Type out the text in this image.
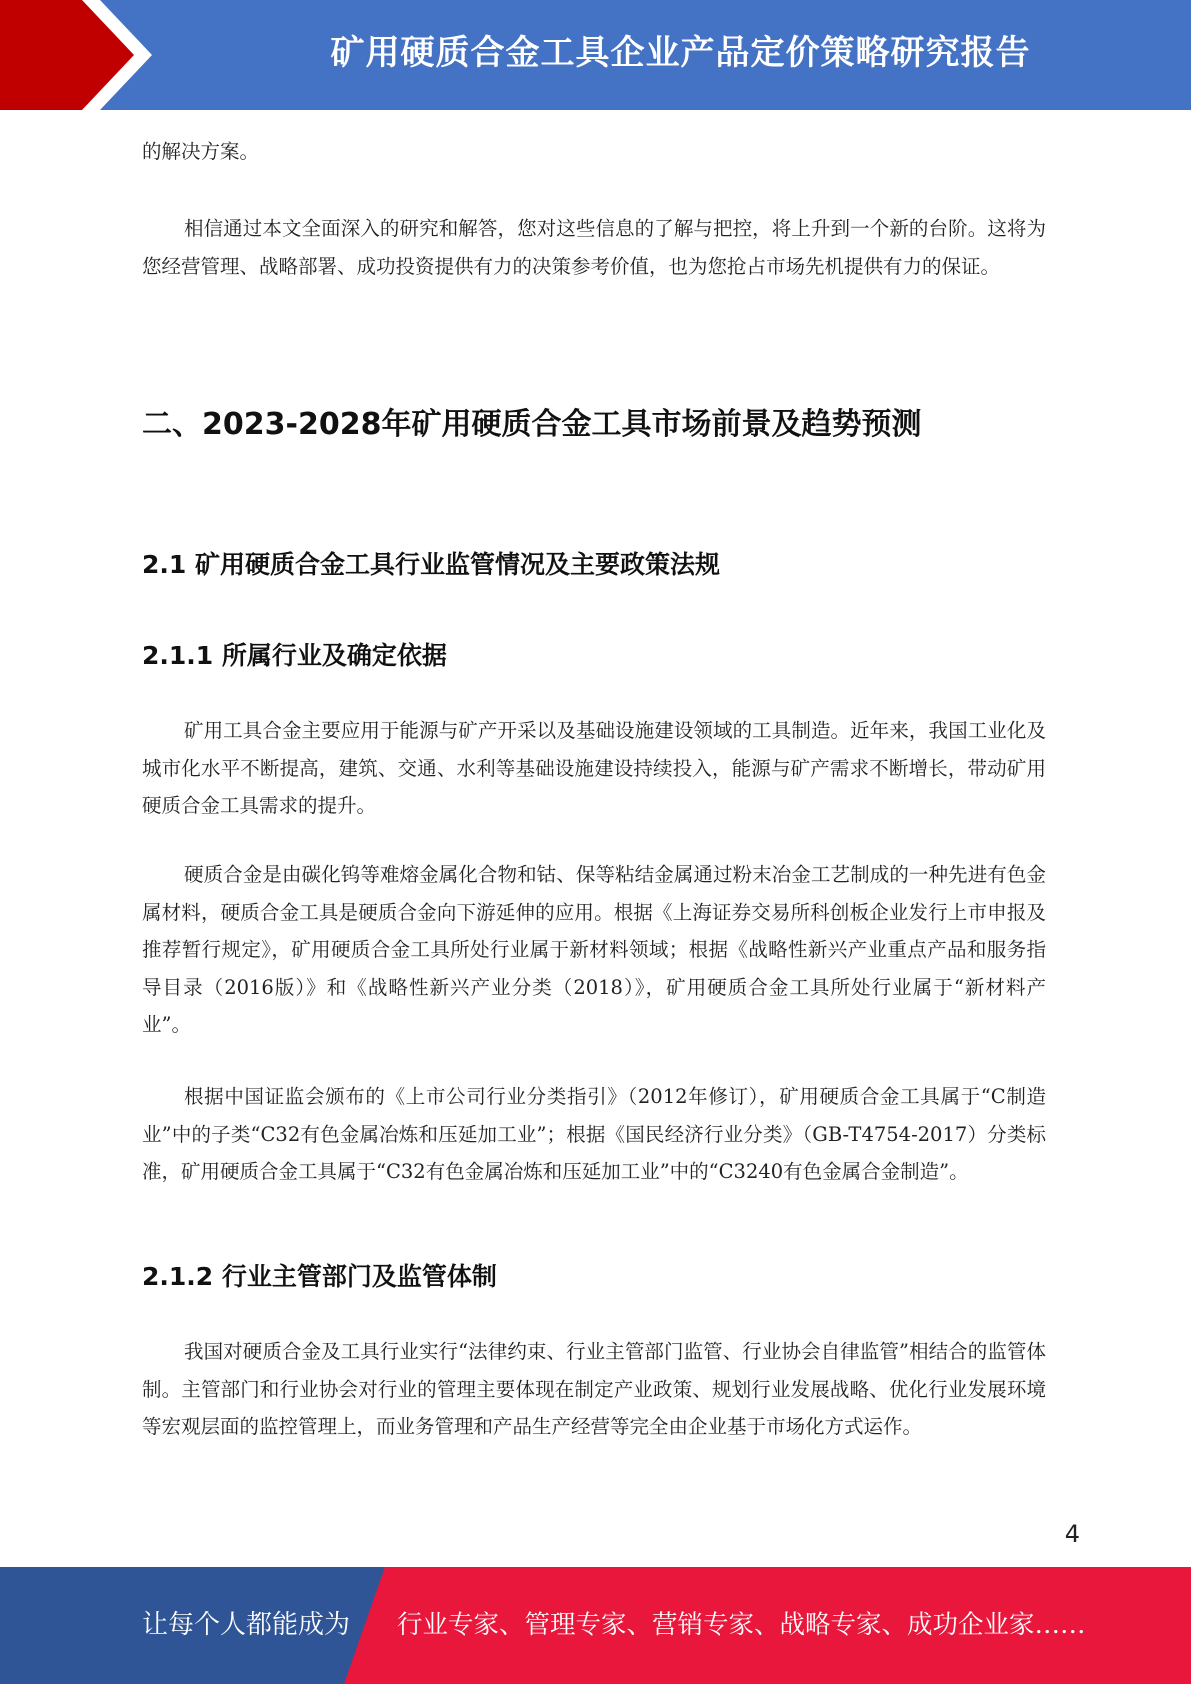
矿用硬质合金工具企业产品定价策略研究报告

的解决方案。

相信通过本文全面深入的研究和解答，您对这些信息的了解与把控，将上升到一个新的台阶。这将为您经营管理、战略部署、成功投资提供有力的决策参考价值，也为您抢占市场先机提供有力的保证。

二、2023-2028年矿用硬质合金工具市场前景及趋势预测
2.1 矿用硬质合金工具行业监管情况及主要政策法规
2.1.1 所属行业及确定依据

矿用工具合金主要应用于能源与矿产开采以及基础设施建设领域的工具制造。近年来，我国工业化及城市化水平不断提高，建筑、交通、水利等基础设施建设持续投入，能源与矿产需求不断增长，带动矿用硬质合金工具需求的提升。

硬质合金是由碳化钨等难熔金属化合物和钴、保等粘结金属通过粉末冶金工艺制成的一种先进有色金属材料，硬质合金工具是硬质合金向下游延伸的应用。根据《上海证券交易所科创板企业发行上市申报及推荐暂行规定》，矿用硬质合金工具所处行业属于新材料领域；根据《战略性新兴产业重点产品和服务指导目录（2016版）》和《战略性新兴产业分类（2018）》，矿用硬质合金工具所处行业属于“新材料产业”。

根据中国证监会颁布的《上市公司行业分类指引》（2012年修订），矿用硬质合金工具属于“C制造业”中的子类“C32有色金属冶炼和压延加工业”；根据《国民经济行业分类》（GB-T4754-2017）分类标准，矿用硬质合金工具属于“C32有色金属冶炼和压延加工业”中的“C3240有色金属合金制造”。

2.1.2 行业主管部门及监管体制

我国对硬质合金及工具行业实行“法律约束、行业主管部门监管、行业协会自律监管”相结合的监管体制。主管部门和行业协会对行业的管理主要体现在制定产业政策、规划行业发展战略、优化行业发展环境等宏观层面的监控管理上，而业务管理和产品生产经营等完全由企业基于市场化方式运作。

4
让每个人都能成为 行业专家、管理专家、营销专家、战略专家、成功企业家……
